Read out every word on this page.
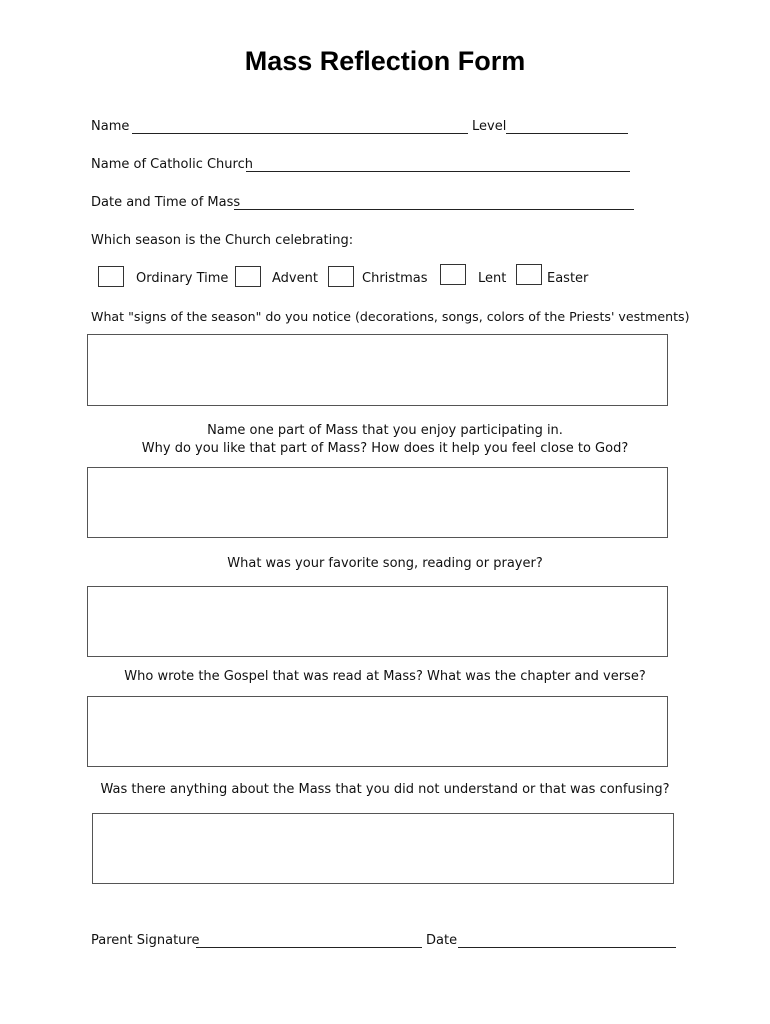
Mass Reflection Form
Name	Level
Name of Catholic Church
Date and Time of Mass
Which season is the Church celebrating:
Ordinary Time	Advent	Christmas	Lent	Easter
What "signs of the season" do you notice (decorations, songs, colors of the Priests' vestments)
Name one part of Mass that you enjoy participating in.
Why do you like that part of Mass? How does it help you feel close to God?
What was your favorite song, reading or prayer?
Who wrote the Gospel that was read at Mass? What was the chapter and verse?
Was there anything about the Mass that you did not understand or that was confusing?
Parent Signature	Date
